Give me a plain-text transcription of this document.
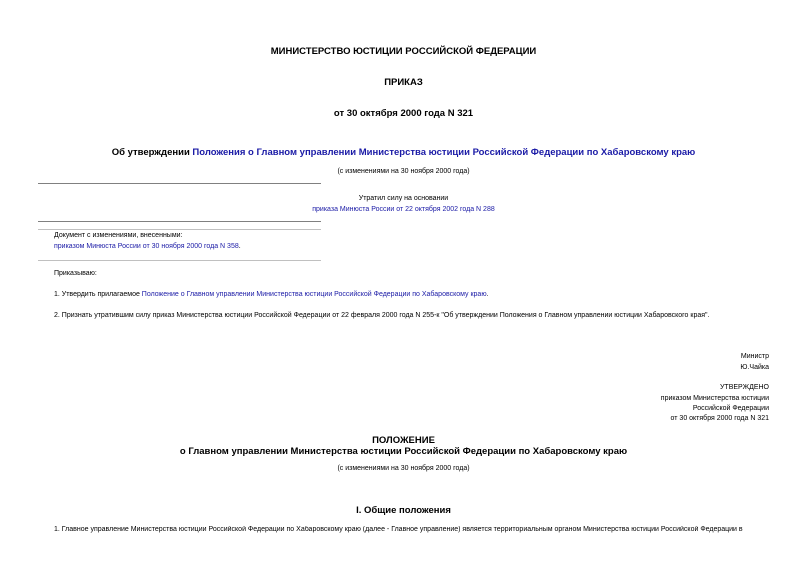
МИНИСТЕРСТВО ЮСТИЦИИ РОССИЙСКОЙ ФЕДЕРАЦИИ
ПРИКАЗ
от 30 октября 2000 года N 321
Об утверждении Положения о Главном управлении Министерства юстиции Российской Федерации по Хабаровскому краю
(с изменениями на 30 ноября 2000 года)
Утратил силу на основании
приказа Минюста России от 22 октября 2002 года N 288
Документ с изменениями, внесенными:
приказом Минюста России от 30 ноября 2000 года N 358.
Приказываю:
1. Утвердить прилагаемое Положение о Главном управлении Министерства юстиции Российской Федерации по Хабаровскому краю.
2. Признать утратившим силу приказ Министерства юстиции Российской Федерации от 22 февраля 2000 года N 255-к "Об утверждении Положения о Главном управлении юстиции Хабаровского края".
Министр
Ю.Чайка
УТВЕРЖДЕНО
приказом Министерства юстиции
Российской Федерации
от 30 октября 2000 года N 321
ПОЛОЖЕНИЕ
о Главном управлении Министерства юстиции Российской Федерации по Хабаровскому краю
(с изменениями на 30 ноября 2000 года)
I. Общие положения
1. Главное управление Министерства юстиции Российской Федерации по Хабаровскому краю (далее - Главное управление) является территориальным органом Министерства юстиции Российской Федерации в
